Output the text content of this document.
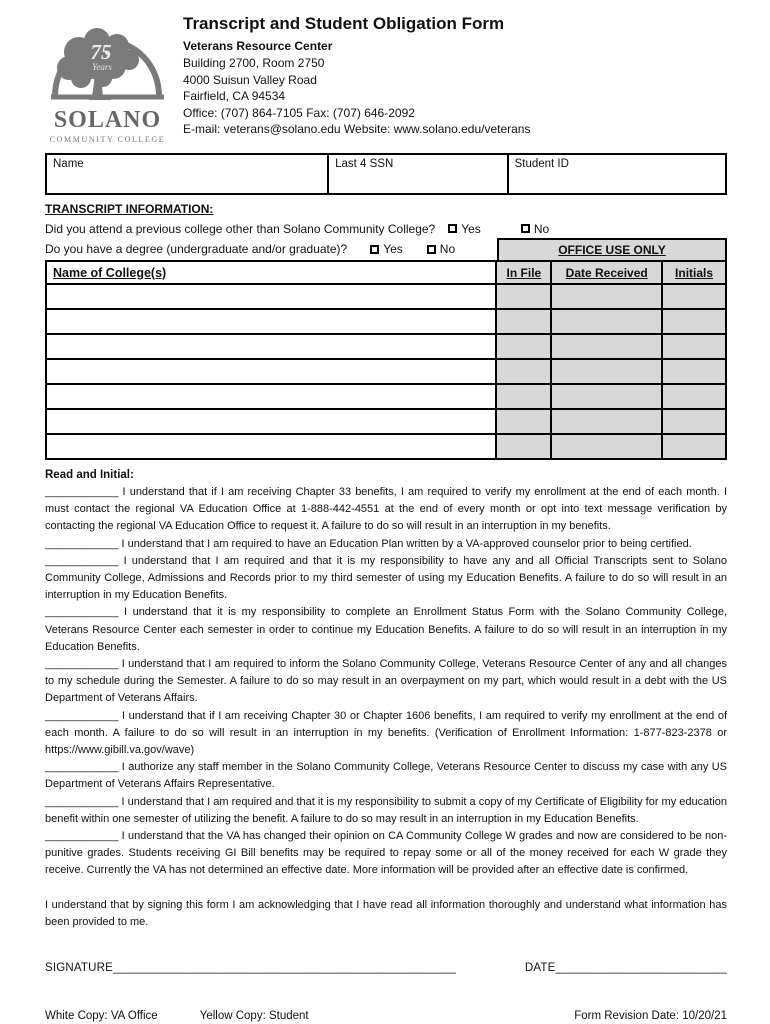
75
Years
SOLANO
COMMUNITY COLLEGE
Transcript and Student Obligation Form
Veterans Resource Center
Building 2700, Room 2750
4000 Suisun Valley Road
Fairfield, CA 94534
Office: (707) 864-7105 Fax: (707) 646-2092
E-mail: veterans@solano.edu Website: www.solano.edu/veterans
Name	Last 4 SSN	Student ID
TRANSCRIPT INFORMATION:
Did you attend a previous college other than Solano Community College? Yes	No
Do you have a degree (undergraduate and/or graduate)?	Yes	No	OFFICE USE ONLY
Name of College(s)	In File	Date Received	Initials

Read and Initial:
____________ I understand that if I am receiving Chapter 33 benefits, I am required to verify my enrollment at the end of each month. I must contact the regional VA Education Office at 1-888-442-4551 at the end of every month or opt into text message verification by contacting the regional VA Education Office to request it. A failure to do so will result in an interruption in my benefits.
____________ I understand that I am required to have an Education Plan written by a VA-approved counselor prior to being certified.
____________ I understand that I am required and that it is my responsibility to have any and all Official Transcripts sent to Solano Community College, Admissions and Records prior to my third semester of using my Education Benefits. A failure to do so will result in an interruption in my Education Benefits.
____________ I understand that it is my responsibility to complete an Enrollment Status Form with the Solano Community College, Veterans Resource Center each semester in order to continue my Education Benefits. A failure to do so will result in an interruption in my Education Benefits.
____________ I understand that I am required to inform the Solano Community College, Veterans Resource Center of any and all changes to my schedule during the Semester. A failure to do so may result in an overpayment on my part, which would result in a debt with the US Department of Veterans Affairs.
____________ I understand that if I am receiving Chapter 30 or Chapter 1606 benefits, I am required to verify my enrollment at the end of each month. A failure to do so will result in an interruption in my benefits. (Verification of Enrollment Information: 1-877-823-2378 or https://www.gibill.va.gov/wave)
____________ I authorize any staff member in the Solano Community College, Veterans Resource Center to discuss my case with any US Department of Veterans Affairs Representative.
____________ I understand that I am required and that it is my responsibility to submit a copy of my Certificate of Eligibility for my education benefit within one semester of utilizing the benefit. A failure to do so may result in an interruption in my Education Benefits.
____________ I understand that the VA has changed their opinion on CA Community College W grades and now are considered to be non-punitive grades. Students receiving GI Bill benefits may be required to repay some or all of the money received for each W grade they receive. Currently the VA has not determined an effective date. More information will be provided after an effective date is confirmed.
I understand that by signing this form I am acknowledging that I have read all information thoroughly and understand what information has been provided to me.
SIGNATURE____________________________________________________	DATE__________________________
White Copy: VA Office	Yellow Copy: Student	Form Revision Date: 10/20/21
